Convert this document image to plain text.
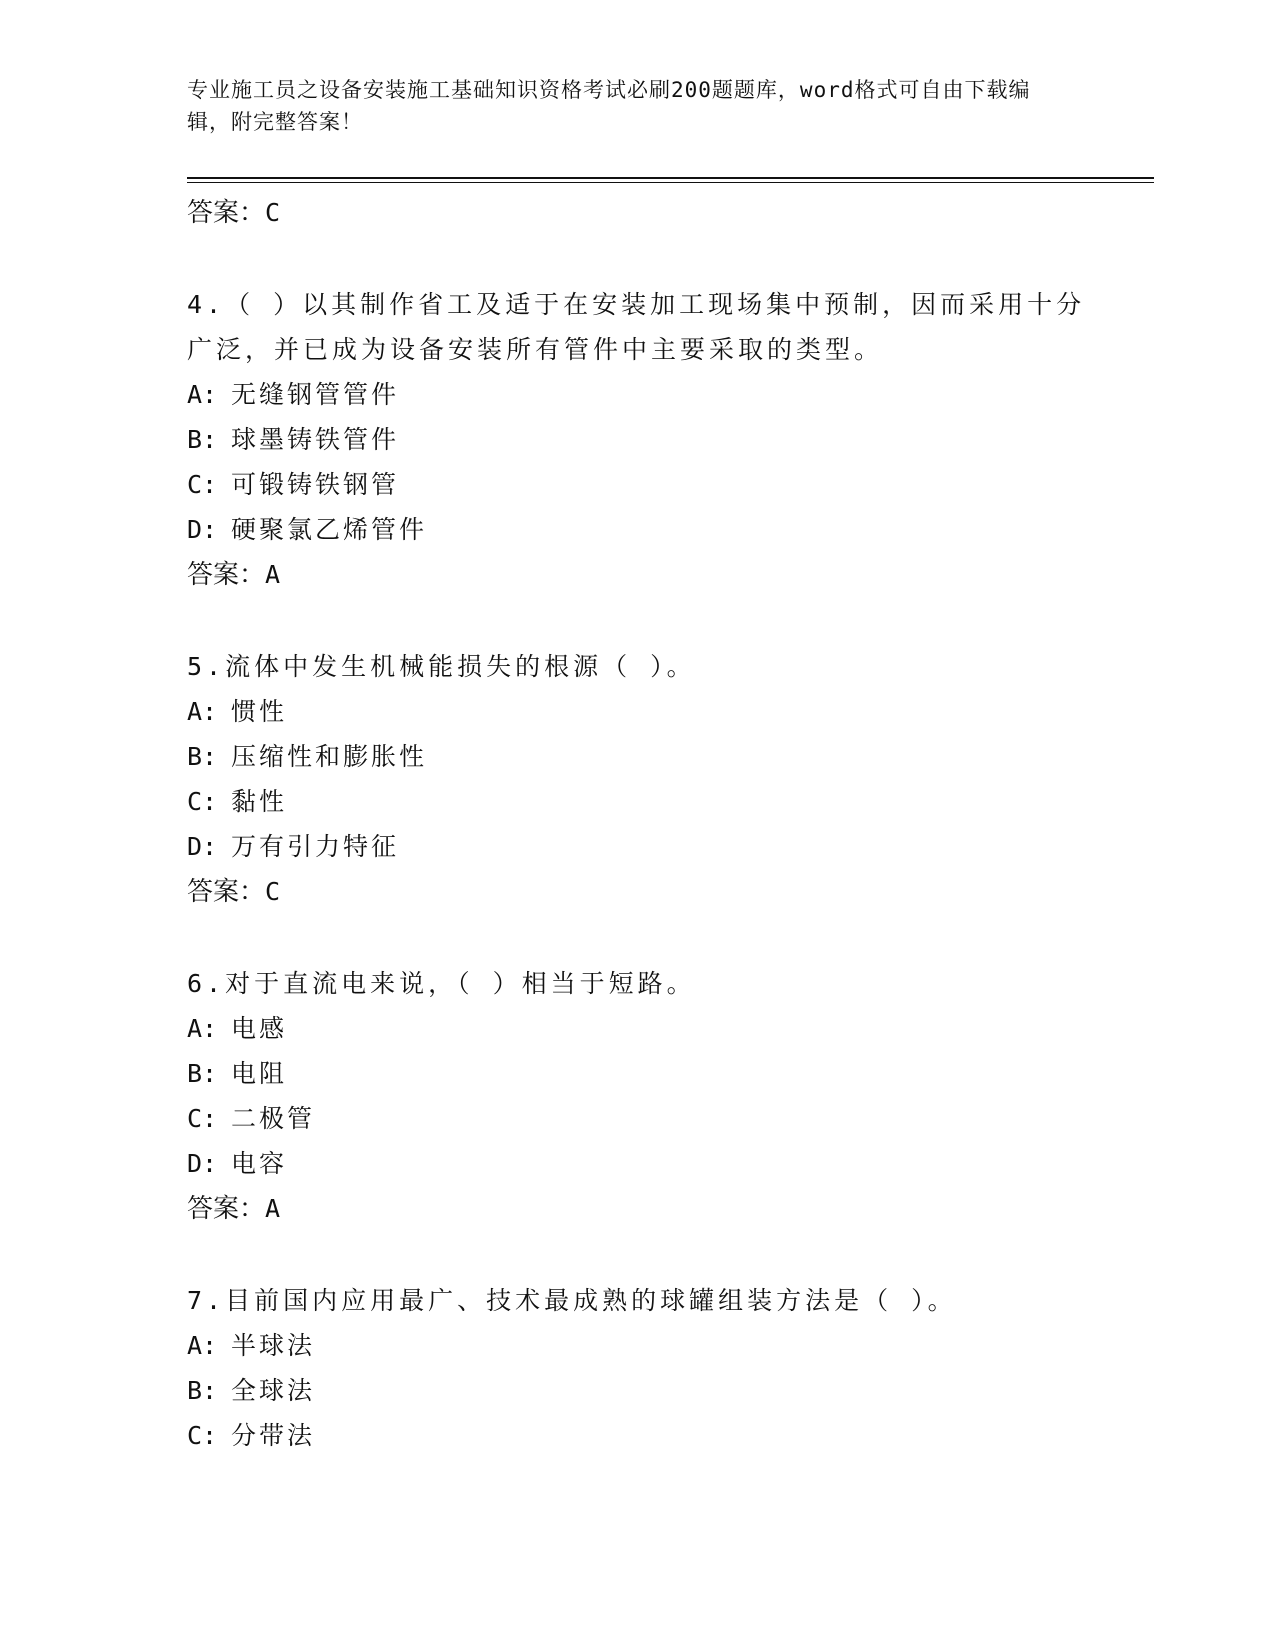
专业施工员之设备安装施工基础知识资格考试必刷200题题库，word格式可自由下载编辑，附完整答案！
答案：C
4.（ ）以其制作省工及适于在安装加工现场集中预制，因而采用十分广泛，并已成为设备安装所有管件中主要采取的类型。
A: 无缝钢管管件
B: 球墨铸铁管件
C: 可锻铸铁钢管
D: 硬聚氯乙烯管件
答案：A
5.流体中发生机械能损失的根源（ ）。
A: 惯性
B: 压缩性和膨胀性
C: 黏性
D: 万有引力特征
答案：C
6.对于直流电来说，（ ）相当于短路。
A: 电感
B: 电阻
C: 二极管
D: 电容
答案：A
7.目前国内应用最广、技术最成熟的球罐组装方法是（ ）。
A: 半球法
B: 全球法
C: 分带法
